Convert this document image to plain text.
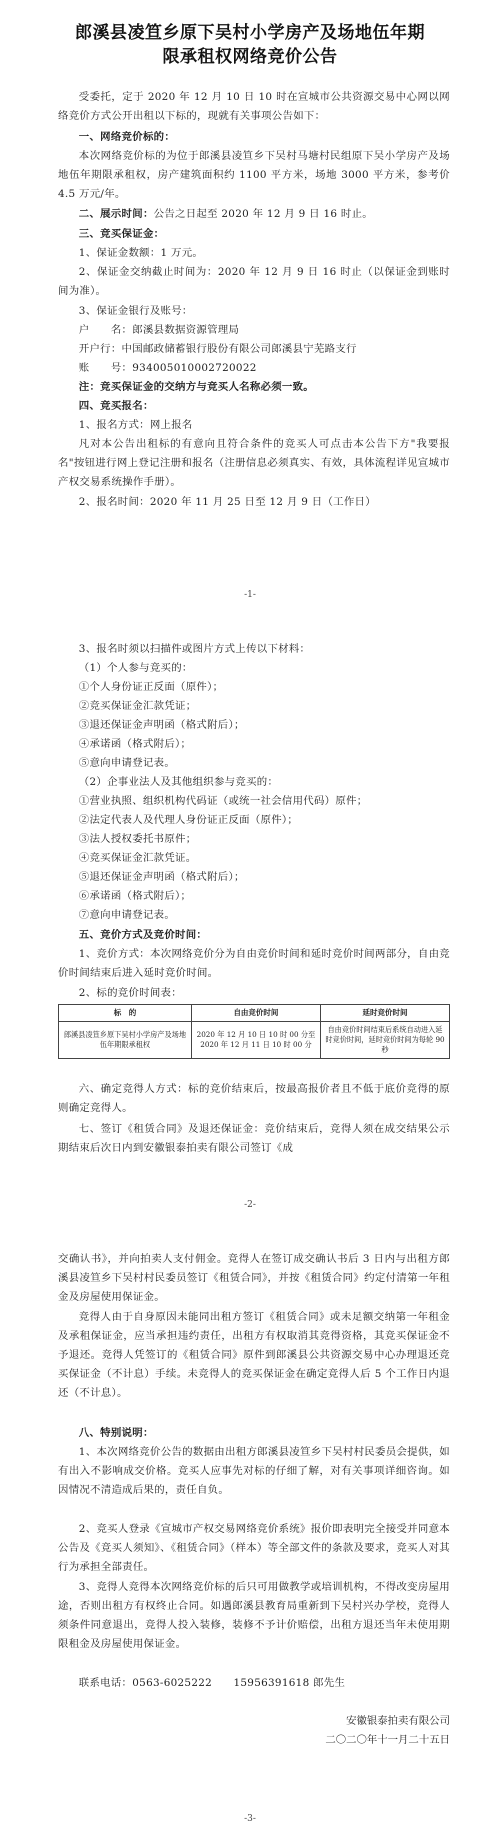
郎溪县凌笪乡原下吴村小学房产及场地伍年期
限承租权网络竞价公告
受委托，定于 2020 年 12 月 10 日 10 时在宣城市公共资源交易中心网以网络竞价方式公开出租以下标的，现就有关事项公告如下：
一、网络竞价标的：
本次网络竞价标的为位于郎溪县凌笪乡下吴村马塘村民组原下吴小学房产及场地伍年期限承租权，房产建筑面积约 1100 平方米，场地 3000 平方米，参考价 4.5 万元/年。
二、展示时间：公告之日起至 2020 年 12 月 9 日 16 时止。
三、竞买保证金：
1、保证金数额：1 万元。
2、保证金交纳截止时间为：2020 年 12 月 9 日 16 时止（以保证金到账时间为准）。
3、保证金银行及账号：
户　　名：郎溪县数据资源管理局
开户行：中国邮政储蓄银行股份有限公司郎溪县宁芜路支行
账　　号：934005010002720022
注：竞买保证金的交纳方与竞买人名称必须一致。
四、竞买报名：
1、报名方式：网上报名
凡对本公告出租标的有意向且符合条件的竞买人可点击本公告下方"我要报名"按钮进行网上登记注册和报名（注册信息必须真实、有效，具体流程详见宣城市产权交易系统操作手册）。
2、报名时间：2020 年 11 月 25 日至 12 月 9 日（工作日）
-1-
3、报名时须以扫描件或图片方式上传以下材料：
（1）个人参与竞买的：
①个人身份证正反面（原件）；
②竞买保证金汇款凭证；
③退还保证金声明函（格式附后）；
④承诺函（格式附后）；
⑤意向申请登记表。
（2）企事业法人及其他组织参与竞买的：
①营业执照、组织机构代码证（或统一社会信用代码）原件；
②法定代表人及代理人身份证正反面（原件）；
③法人授权委托书原件；
④竞买保证金汇款凭证。
⑤退还保证金声明函（格式附后）；
⑥承诺函（格式附后）；
⑦意向申请登记表。
五、竞价方式及竞价时间：
1、竞价方式：本次网络竞价分为自由竞价时间和延时竞价时间两部分，自由竞价时间结束后进入延时竞价时间。
2、标的竞价时间表：
标　的	自由竞价时间	延时竞价时间
郎溪县凌笪乡原下吴村小学房产及场地伍年期限承租权	2020 年 12 月 10 日 10 时 00 分至 2020 年 12 月 11 日 10 时 00 分	自由竞价时间结束后系统自动进入延时竞价时间，延时竞价时间为每轮 90 秒
六、确定竞得人方式：标的竞价结束后，按最高报价者且不低于底价竞得的原则确定竞得人。
七、签订《租赁合同》及退还保证金：竞价结束后，竞得人须在成交结果公示期结束后次日内到安徽银泰拍卖有限公司签订《成
-2-
交确认书》，并向拍卖人支付佣金。竞得人在签订成交确认书后 3 日内与出租方郎溪县凌笪乡下吴村村民委员签订《租赁合同》，并按《租赁合同》约定付清第一年租金及房屋使用保证金。
竞得人由于自身原因未能同出租方签订《租赁合同》或未足额交纳第一年租金及承租保证金，应当承担违约责任，出租方有权取消其竞得资格，其竞买保证金不予退还。竞得人凭签订的《租赁合同》原件到郎溪县公共资源交易中心办理退还竞买保证金（不计息）手续。未竞得人的竞买保证金在确定竞得人后 5 个工作日内退还（不计息）。
八、特别说明：
1、本次网络竞价公告的数据由出租方郎溪县凌笪乡下吴村村民委员会提供，如有出入不影响成交价格。竞买人应事先对标的仔细了解，对有关事项详细咨询。如因情况不清造成后果的，责任自负。
2、竞买人登录《宣城市产权交易网络竞价系统》报价即表明完全接受并同意本公告及《竞买人须知》、《租赁合同》（样本）等全部文件的条款及要求，竞买人对其行为承担全部责任。
3、竞得人竞得本次网络竞价标的后只可用做教学或培训机构，不得改变房屋用途，否则出租方有权终止合同。如遇郎溪县教育局重新到下吴村兴办学校，竞得人须条件同意退出，竞得人投入装修，装修不予计价赔偿，出租方退还当年未使用期限租金及房屋使用保证金。
联系电话：0563-6025222　　15956391618 郎先生
安徽银泰拍卖有限公司
二〇二〇年十一月二十五日
-3-
